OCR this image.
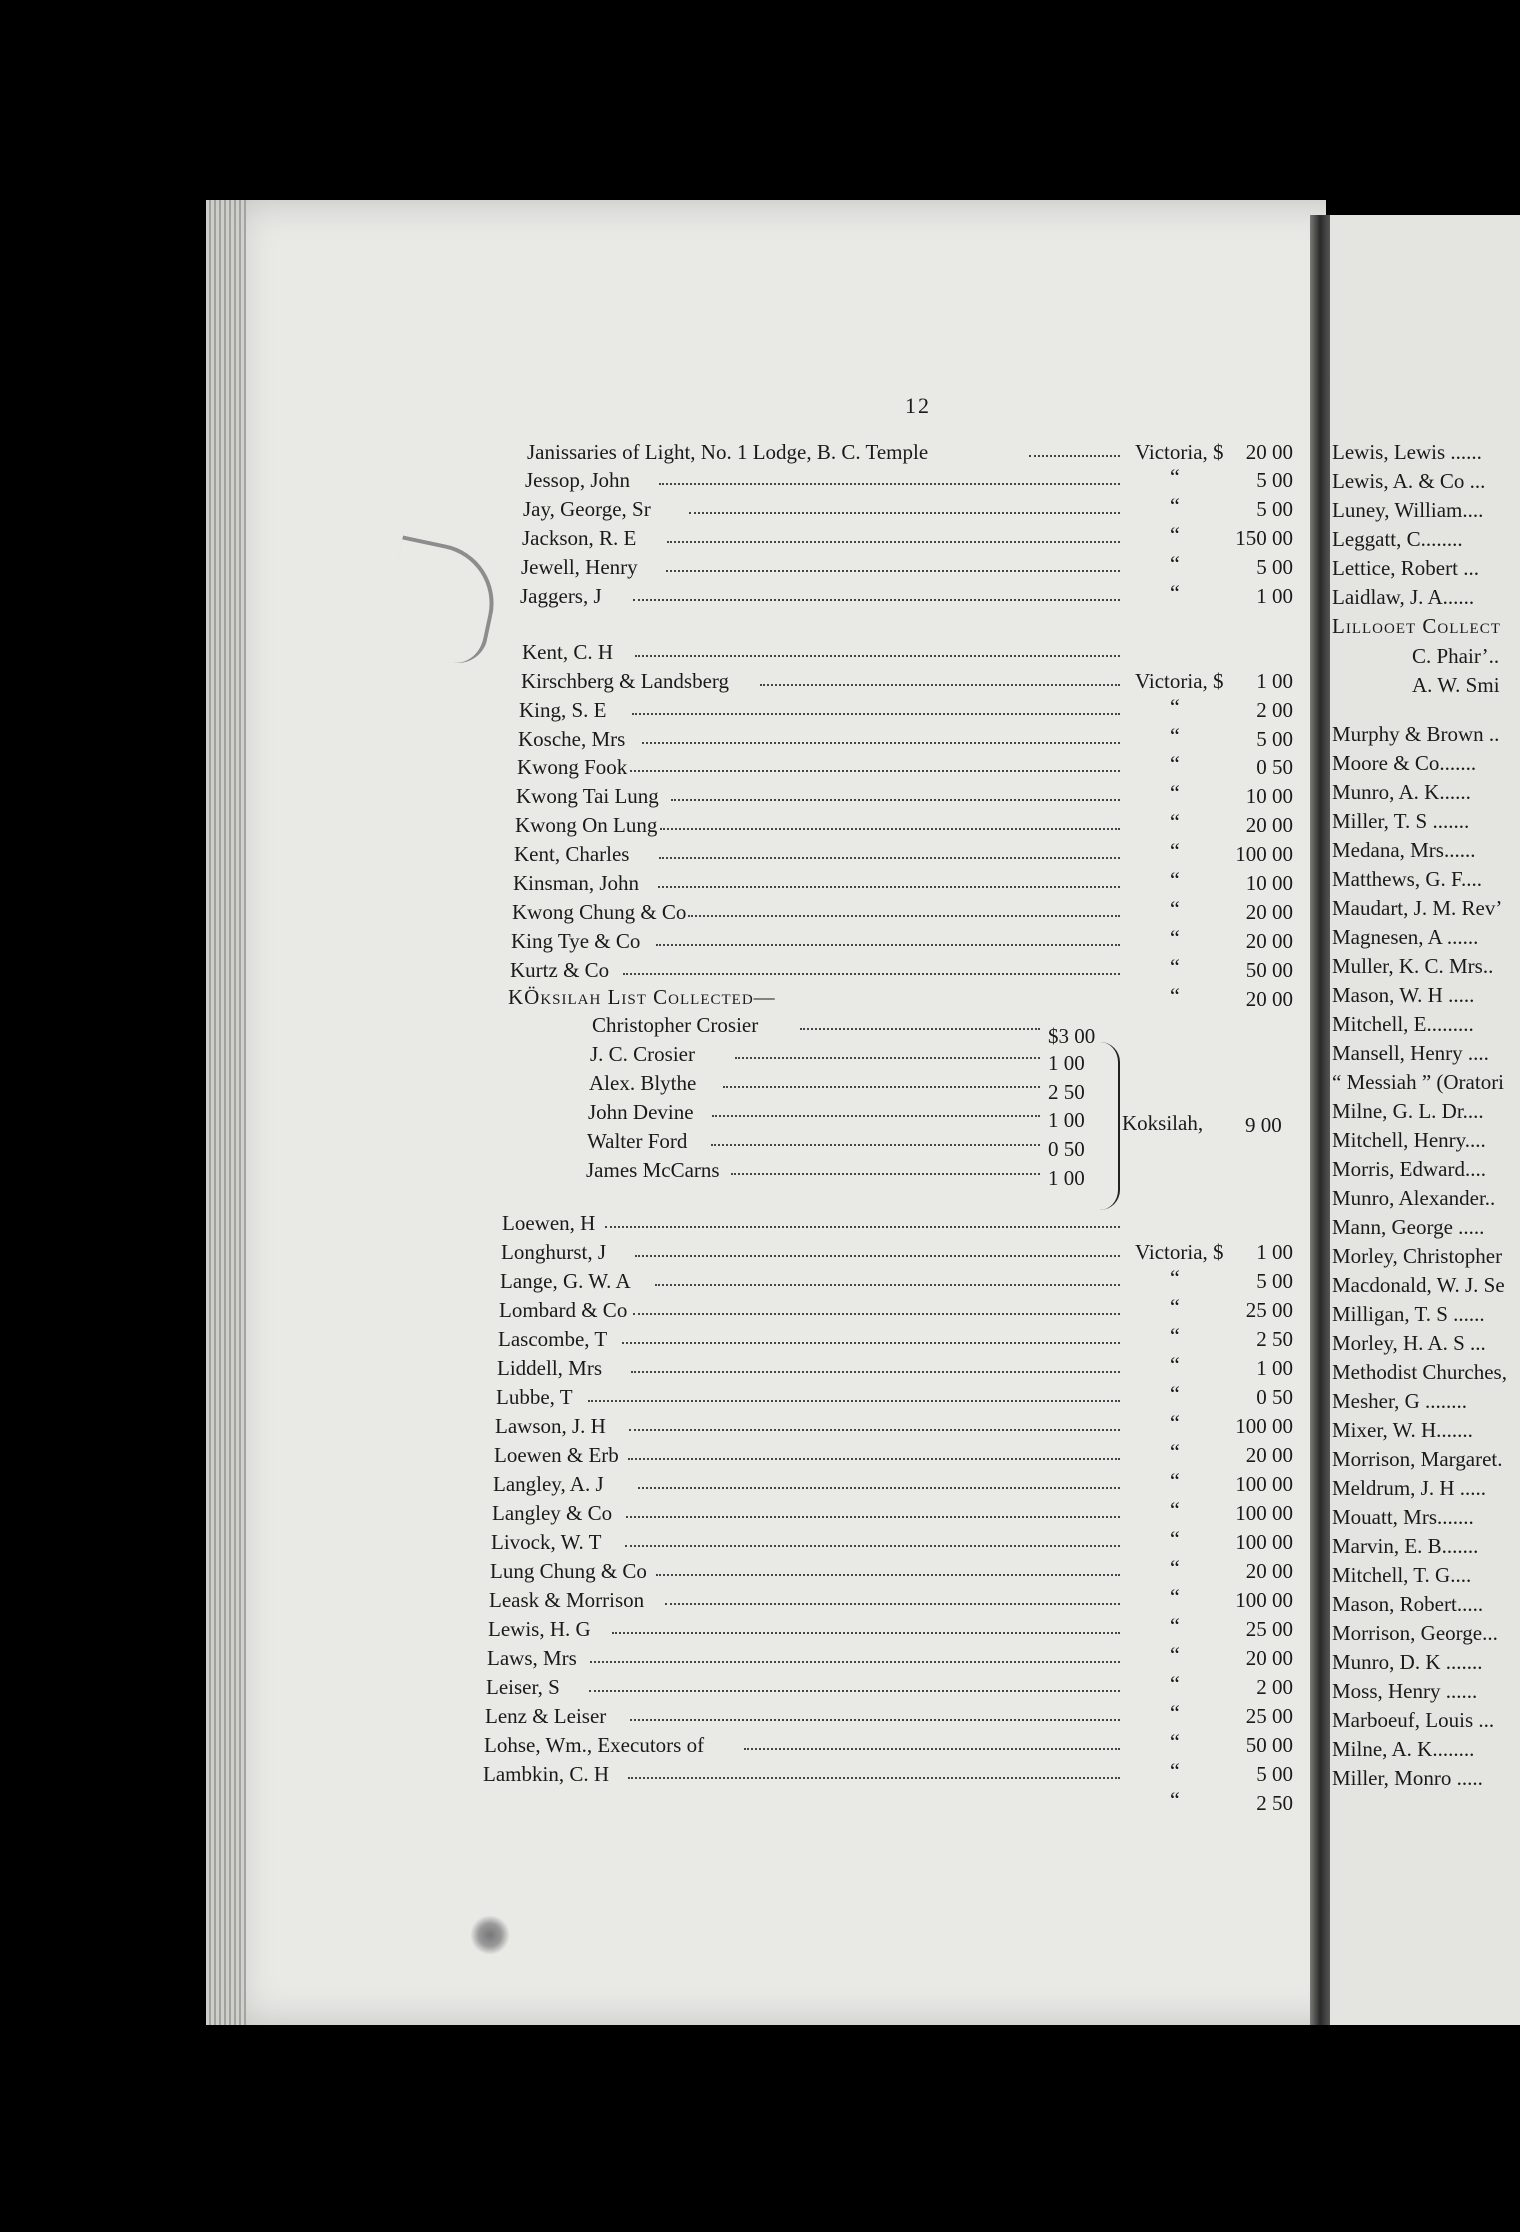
12
Janissaries of Light, No. 1 Lodge, B. C. Temple	Victoria, $	20 00
Jessop, John	“	5 00
Jay, George, Sr	“	5 00
Jackson, R. E	“	150 00
Jewell, Henry	“	5 00
Jaggers, J	“	1 00
Kent, C. H
Kirschberg & Landsberg	Victoria, $	1 00
King, S. E	“	2 00
Kosche, Mrs	“	5 00
Kwong Fook	“	0 50
Kwong Tai Lung	“	10 00
Kwong On Lung	“	20 00
Kent, Charles	“	100 00
Kinsman, John	“	10 00
Kwong Chung & Co	“	20 00
King Tye & Co	“	20 00
Kurtz & Co	“	50 00
“	20 00
KÖksilah List Collected—
Christopher Crosier	$3 00
J. C. Crosier	1 00
Alex. Blythe	2 50
John Devine	1 00
Walter Ford	0 50
James McCarns	1 00
Koksilah, 9 00
Loewen, H
Longhurst, J	Victoria, $	1 00
Lange, G. W. A	“	5 00
Lombard & Co	“	25 00
Lascombe, T	“	2 50
Liddell, Mrs	“	1 00
Lubbe, T	“	0 50
Lawson, J. H	“	100 00
Loewen & Erb	“	20 00
Langley, A. J	“	100 00
Langley & Co	“	100 00
Livock, W. T	“	100 00
Lung Chung & Co	“	20 00
Leask & Morrison	“	100 00
Lewis, H. G	“	25 00
Laws, Mrs	“	20 00
Leiser, S	“	2 00
Lenz & Leiser	“	25 00
Lohse, Wm., Executors of	“	50 00
Lambkin, C. H	“	5 00
“	2 50
Lewis, Lewis ......
Lewis, A. & Co ...
Luney, William....
Leggatt, C........
Lettice, Robert ...
Laidlaw, J. A......
Lillooet Collect
C. Phair’..
A. W. Smi
Murphy & Brown ..
Moore & Co.......
Munro, A. K......
Miller, T. S .......
Medana, Mrs......
Matthews, G. F....
Maudart, J. M. Rev’
Magnesen, A ......
Muller, K. C. Mrs..
Mason, W. H .....
Mitchell, E.........
Mansell, Henry ....
“ Messiah ” (Oratori
Milne, G. L. Dr....
Mitchell, Henry....
Morris, Edward....
Munro, Alexander..
Mann, George .....
Morley, Christopher
Macdonald, W. J. Se
Milligan, T. S ......
Morley, H. A. S ...
Methodist Churches,
Mesher, G ........
Mixer, W. H.......
Morrison, Margaret.
Meldrum, J. H .....
Mouatt, Mrs.......
Marvin, E. B.......
Mitchell, T. G....
Mason, Robert.....
Morrison, George...
Munro, D. K .......
Moss, Henry ......
Marboeuf, Louis ...
Milne, A. K........
Miller, Monro .....
